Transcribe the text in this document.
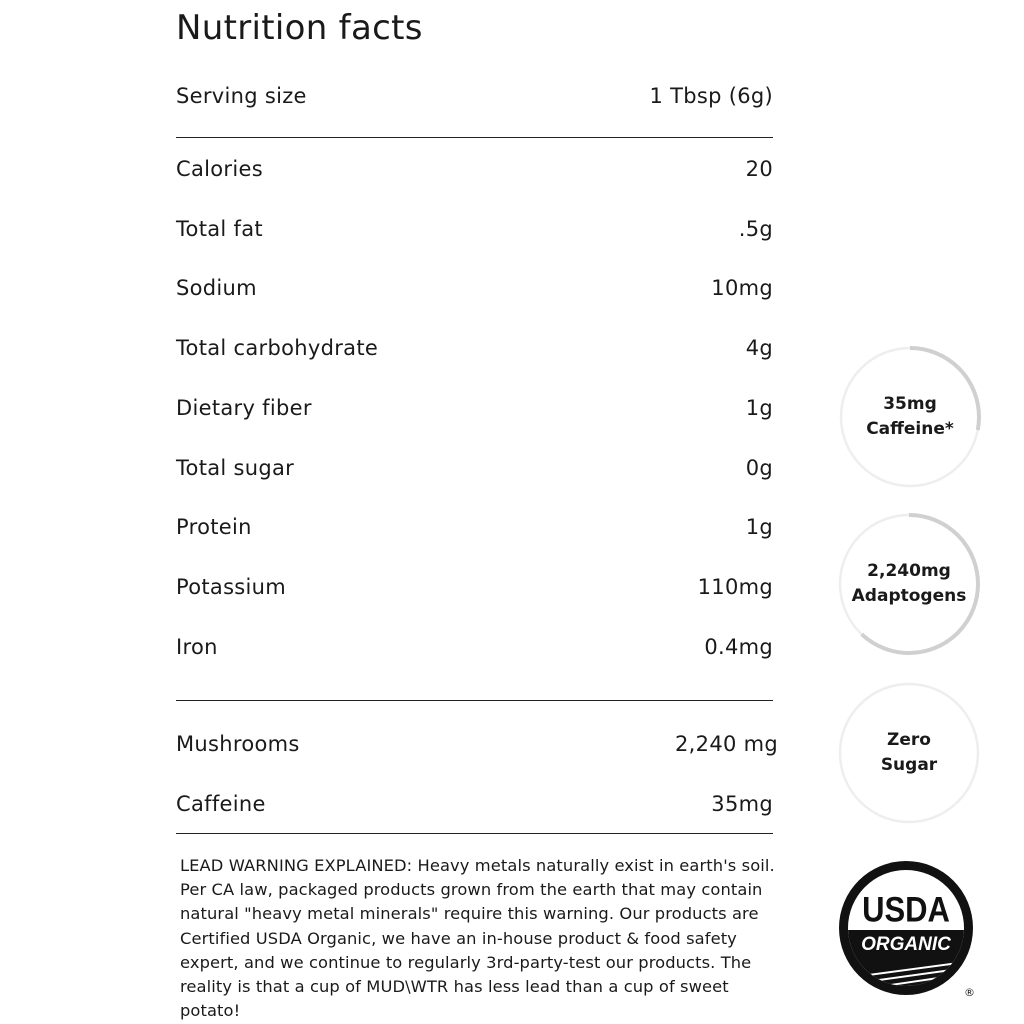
Nutrition facts
Serving size	1 Tbsp (6g)
Calories	20
Total fat	.5g
Sodium	10mg
Total carbohydrate	4g
Dietary fiber	1g
Total sugar	0g
Protein	1g
Potassium	110mg
Iron	0.4mg
Mushrooms	2,240 mg
Caffeine	35mg
LEAD WARNING EXPLAINED: Heavy metals naturally exist in earth's soil. Per CA law, packaged products grown from the earth that may contain natural "heavy metal minerals" require this warning. Our products are Certified USDA Organic, we have an in-house product & food safety expert, and we continue to regularly 3rd-party-test our products. The reality is that a cup of MUD\WTR has less lead than a cup of sweet potato!
35mg
Caffeine*
2,240mg
Adaptogens
Zero
Sugar
USDA
ORGANIC
®
